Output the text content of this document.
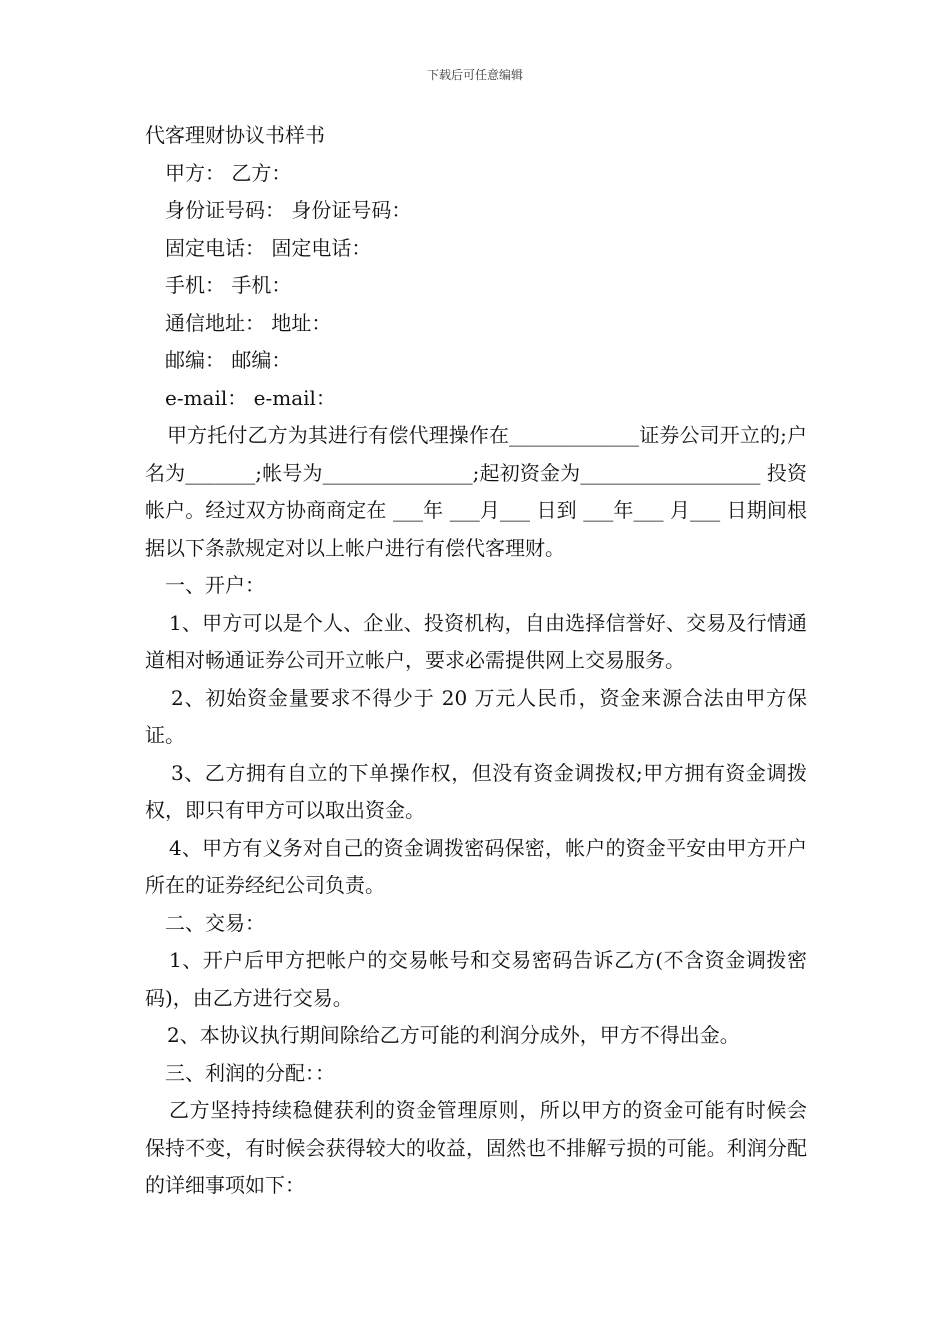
下载后可任意编辑
代客理财协议书样书
甲方： 乙方：
身份证号码： 身份证号码：
固定电话： 固定电话：
手机： 手机：
通信地址： 地址：
邮编： 邮编：
e-mail： e-mail：
甲方托付乙方为其进行有偿代理操作在_____________证券公司开立的;户名为_______;帐号为_______________;起初资金为__________________ 投资帐户。经过双方协商商定在 ___年 ___月___ 日到 ___年___ 月___ 日期间根据以下条款规定对以上帐户进行有偿代客理财。
一、开户：
1、甲方可以是个人、企业、投资机构，自由选择信誉好、交易及行情通道相对畅通证券公司开立帐户，要求必需提供网上交易服务。
2、初始资金量要求不得少于 20 万元人民币，资金来源合法由甲方保证。
3、乙方拥有自立的下单操作权，但没有资金调拨权;甲方拥有资金调拨权，即只有甲方可以取出资金。
4、甲方有义务对自己的资金调拨密码保密，帐户的资金平安由甲方开户所在的证券经纪公司负责。
二、交易：
1、开户后甲方把帐户的交易帐号和交易密码告诉乙方(不含资金调拨密码)，由乙方进行交易。
2、本协议执行期间除给乙方可能的利润分成外，甲方不得出金。
三、利润的分配：：
乙方坚持持续稳健获利的资金管理原则，所以甲方的资金可能有时候会保持不变，有时候会获得较大的收益，固然也不排解亏损的可能。利润分配的详细事项如下：
